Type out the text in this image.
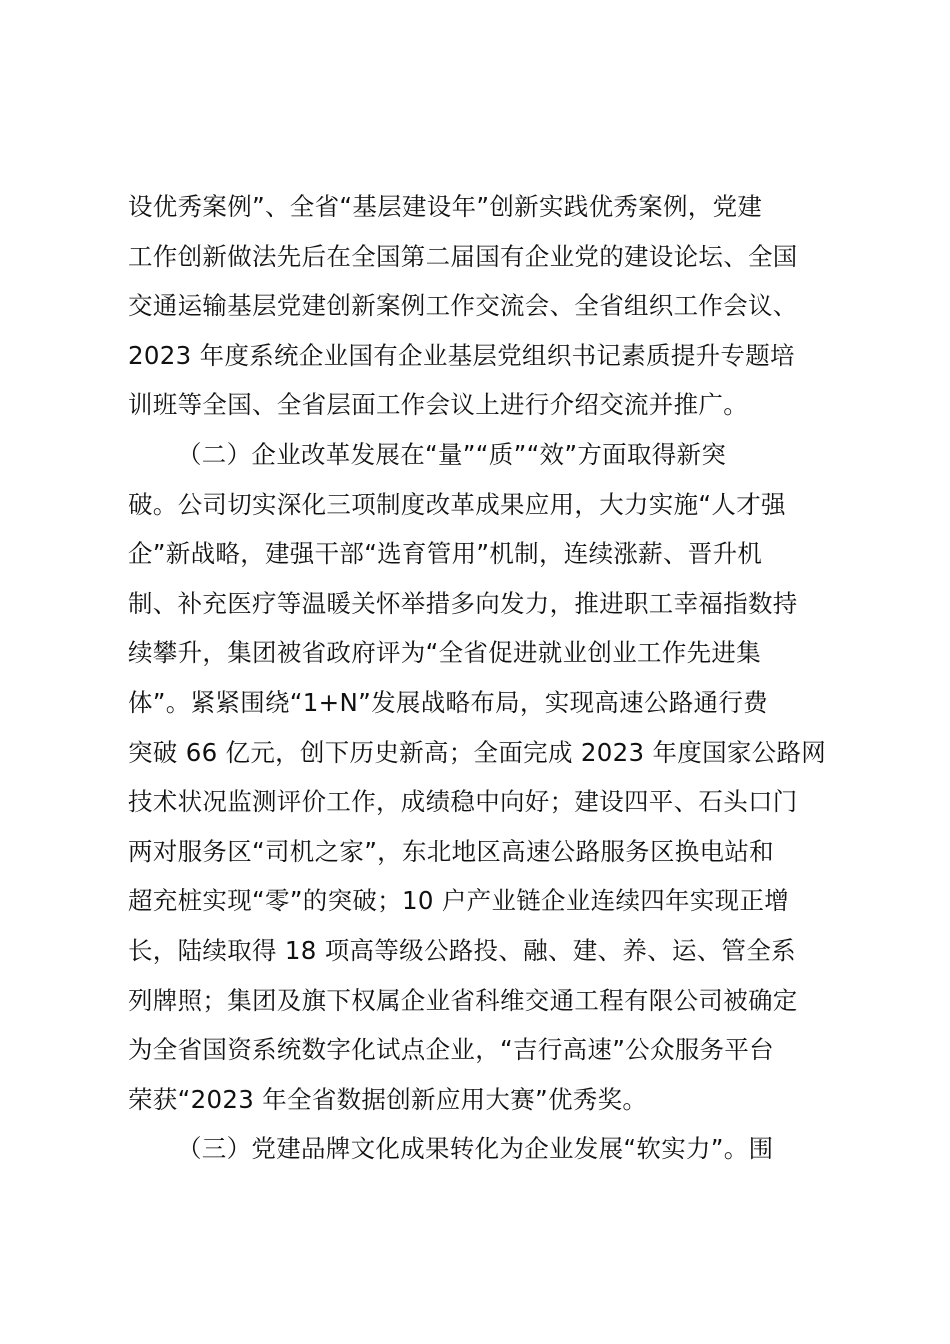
设优秀案例”、全省“基层建设年”创新实践优秀案例，党建
工作创新做法先后在全国第二届国有企业党的建设论坛、全国
交通运输基层党建创新案例工作交流会、全省组织工作会议、
2023 年度系统企业国有企业基层党组织书记素质提升专题培
训班等全国、全省层面工作会议上进行介绍交流并推广。
（二）企业改革发展在“量”“质”“效”方面取得新突
破。公司切实深化三项制度改革成果应用，大力实施“人才强
企”新战略，建强干部“选育管用”机制，连续涨薪、晋升机
制、补充医疗等温暖关怀举措多向发力，推进职工幸福指数持
续攀升，集团被省政府评为“全省促进就业创业工作先进集
体”。紧紧围绕“1+N”发展战略布局，实现高速公路通行费
突破 66 亿元，创下历史新高；全面完成 2023 年度国家公路网
技术状况监测评价工作，成绩稳中向好；建设四平、石头口门
两对服务区“司机之家”，东北地区高速公路服务区换电站和
超充桩实现“零”的突破；10 户产业链企业连续四年实现正增
长，陆续取得 18 项高等级公路投、融、建、养、运、管全系
列牌照；集团及旗下权属企业省科维交通工程有限公司被确定
为全省国资系统数字化试点企业，“吉行高速”公众服务平台
荣获“2023 年全省数据创新应用大赛”优秀奖。
（三）党建品牌文化成果转化为企业发展“软实力”。围
